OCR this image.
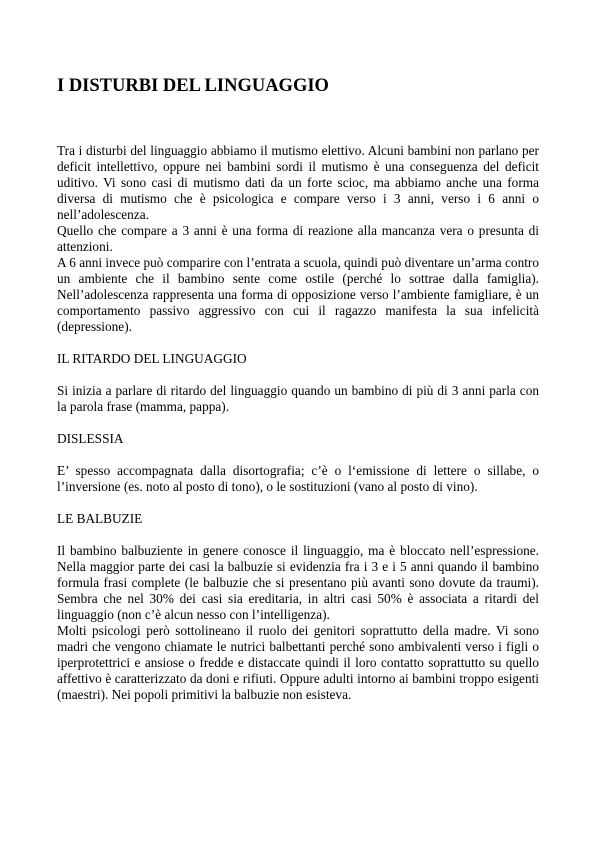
I DISTURBI DEL LINGUAGGIO

Tra i disturbi del linguaggio abbiamo il mutismo elettivo. Alcuni bambini non parlano per deficit intellettivo, oppure nei bambini sordi il mutismo è una conseguenza del deficit uditivo. Vi sono casi di mutismo dati da un forte scioc, ma abbiamo anche una forma diversa di mutismo che è psicologica e compare verso i 3 anni, verso i 6 anni o nell’adolescenza.

Quello che compare a 3 anni è una forma di reazione alla mancanza vera o presunta di attenzioni.

A 6 anni invece può comparire con l’entrata a scuola, quindi può diventare un’arma contro un ambiente che il bambino sente come ostile (perché lo sottrae dalla famiglia). Nell’adolescenza rappresenta una forma di opposizione verso l’ambiente famigliare, è un comportamento passivo aggressivo con cui il ragazzo manifesta la sua infelicità (depressione).

IL RITARDO DEL LINGUAGGIO

Si inizia a parlare di ritardo del linguaggio quando un bambino di più di 3 anni parla con la parola frase (mamma, pappa).

DISLESSIA

E’ spesso accompagnata dalla disortografia; c’è o l‘emissione di lettere o sillabe, o l’inversione (es. noto al posto di tono), o le sostituzioni (vano al posto di vino).

LE BALBUZIE

Il bambino balbuziente in genere conosce il linguaggio, ma è bloccato nell’espressione. Nella maggior parte dei casi la balbuzie si evidenzia fra i 3 e i 5 anni quando il bambino formula frasi complete (le balbuzie che si presentano più avanti sono dovute da traumi). Sembra che nel 30% dei casi sia ereditaria, in altri casi 50% è associata a ritardi del linguaggio (non c’è alcun nesso con l’intelligenza).

Molti psicologi però sottolineano il ruolo dei genitori soprattutto della madre. Vi sono madri che vengono chiamate le nutrici balbettanti perché sono ambivalenti verso i figli o iperprotettrici e ansiose o fredde e distaccate quindi il loro contatto soprattutto su quello affettivo è caratterizzato da doni e rifiuti. Oppure adulti intorno ai bambini troppo esigenti (maestri). Nei popoli primitivi la balbuzie non esisteva.
